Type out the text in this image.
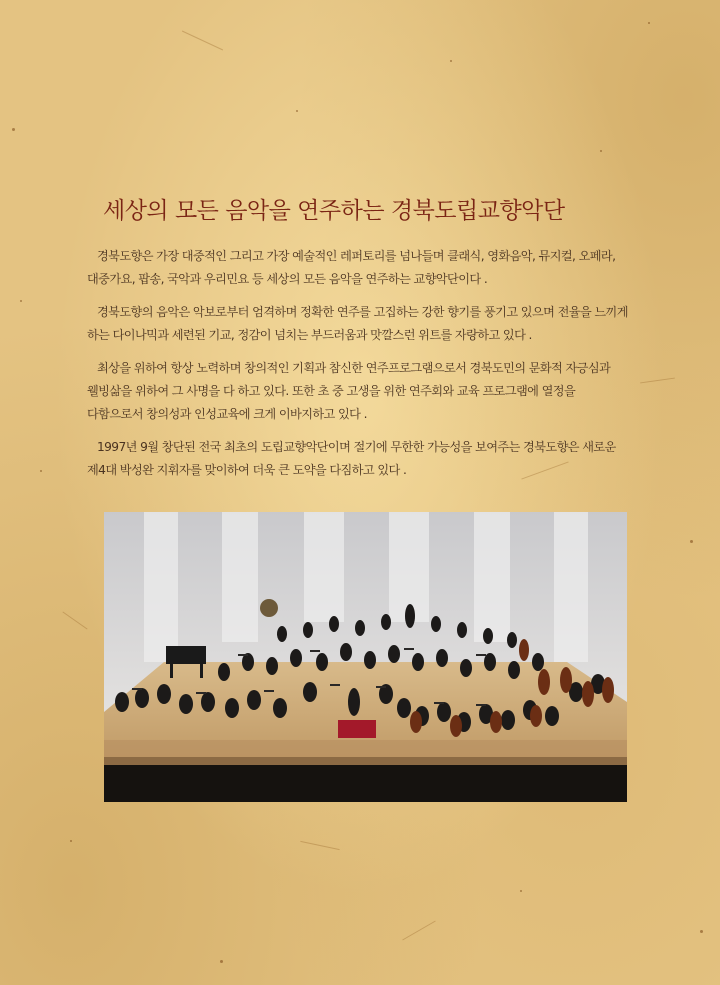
세상의 모든 음악을 연주하는 경북도립교향악단

경북도향은 가장 대중적인 그리고 가장 예술적인 레퍼토리를 넘나들며 클래식, 영화음악, 뮤지컬, 오페라, 대중가요, 팝송, 국악과 우리민요 등 세상의 모든 음악을 연주하는 교향악단이다 .

경북도향의 음악은 악보로부터 엄격하며 정확한 연주를 고집하는 강한 향기를 풍기고 있으며 전율을 느끼게 하는 다이나믹과 세련된 기교, 정감이 넘치는 부드러움과 맛깔스런 위트를 자랑하고 있다 .

최상을 위하여 항상 노력하며 창의적인 기획과 참신한 연주프로그램으로서 경북도민의 문화적 자긍심과 웰빙삶을 위하여 그 사명을 다 하고 있다. 또한 초 중 고생을 위한 연주회와 교육 프로그램에 열정을 다함으로서 창의성과 인성교육에 크게 이바지하고 있다 .

1997년 9월 창단된 전국 최초의 도립교향악단이며 절기에 무한한 가능성을 보여주는 경북도향은 새로운 제4대 박성완 지휘자를 맞이하여 더욱 큰 도약을 다짐하고 있다 .
